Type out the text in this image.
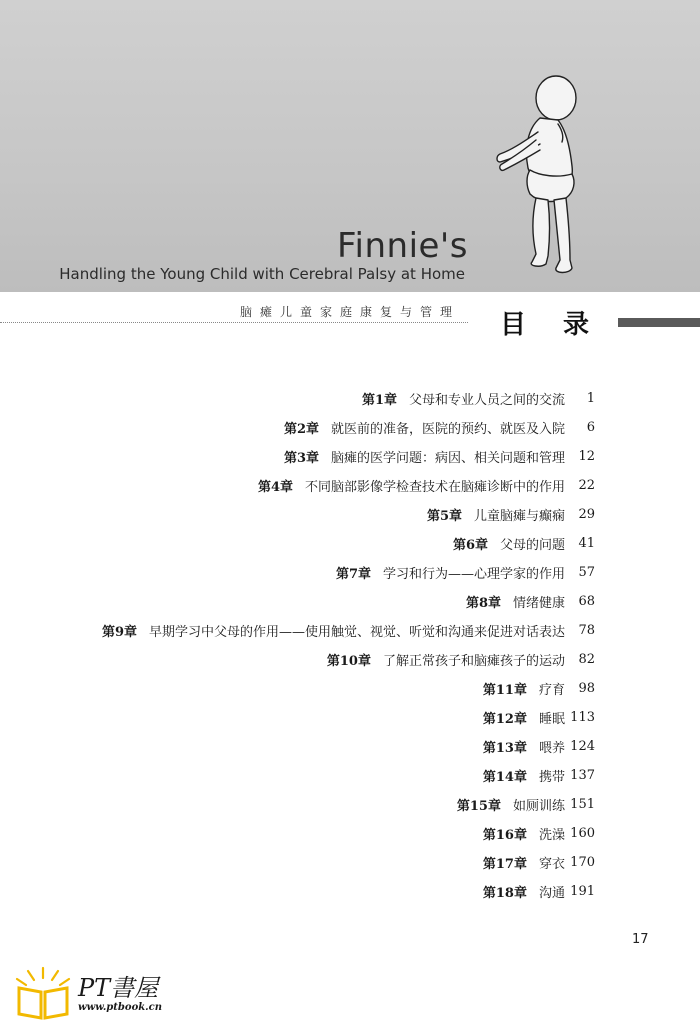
Finnie's
Handling the Young Child with Cerebral Palsy at Home
脑瘫儿童家庭康复与管理 目 录
第1章 父母和专业人员之间的交流	1
第2章 就医前的准备，医院的预约、就医及入院	6
第3章 脑瘫的医学问题：病因、相关问题和管理	12
第4章 不同脑部影像学检查技术在脑瘫诊断中的作用	22
第5章 儿童脑瘫与癫痫	29
第6章 父母的问题	41
第7章 学习和行为——心理学家的作用	57
第8章 情绪健康	68
第9章 早期学习中父母的作用——使用触觉、视觉、听觉和沟通来促进对话表达	78
第10章 了解正常孩子和脑瘫孩子的运动	82
第11章 疗育	98
第12章 睡眠 113
第13章 喂养 124
第14章 携带 137
第15章 如厕训练 151
第16章 洗澡 160
第17章 穿衣 170
第18章 沟通 191
17
PT書屋
www.ptbook.cn
